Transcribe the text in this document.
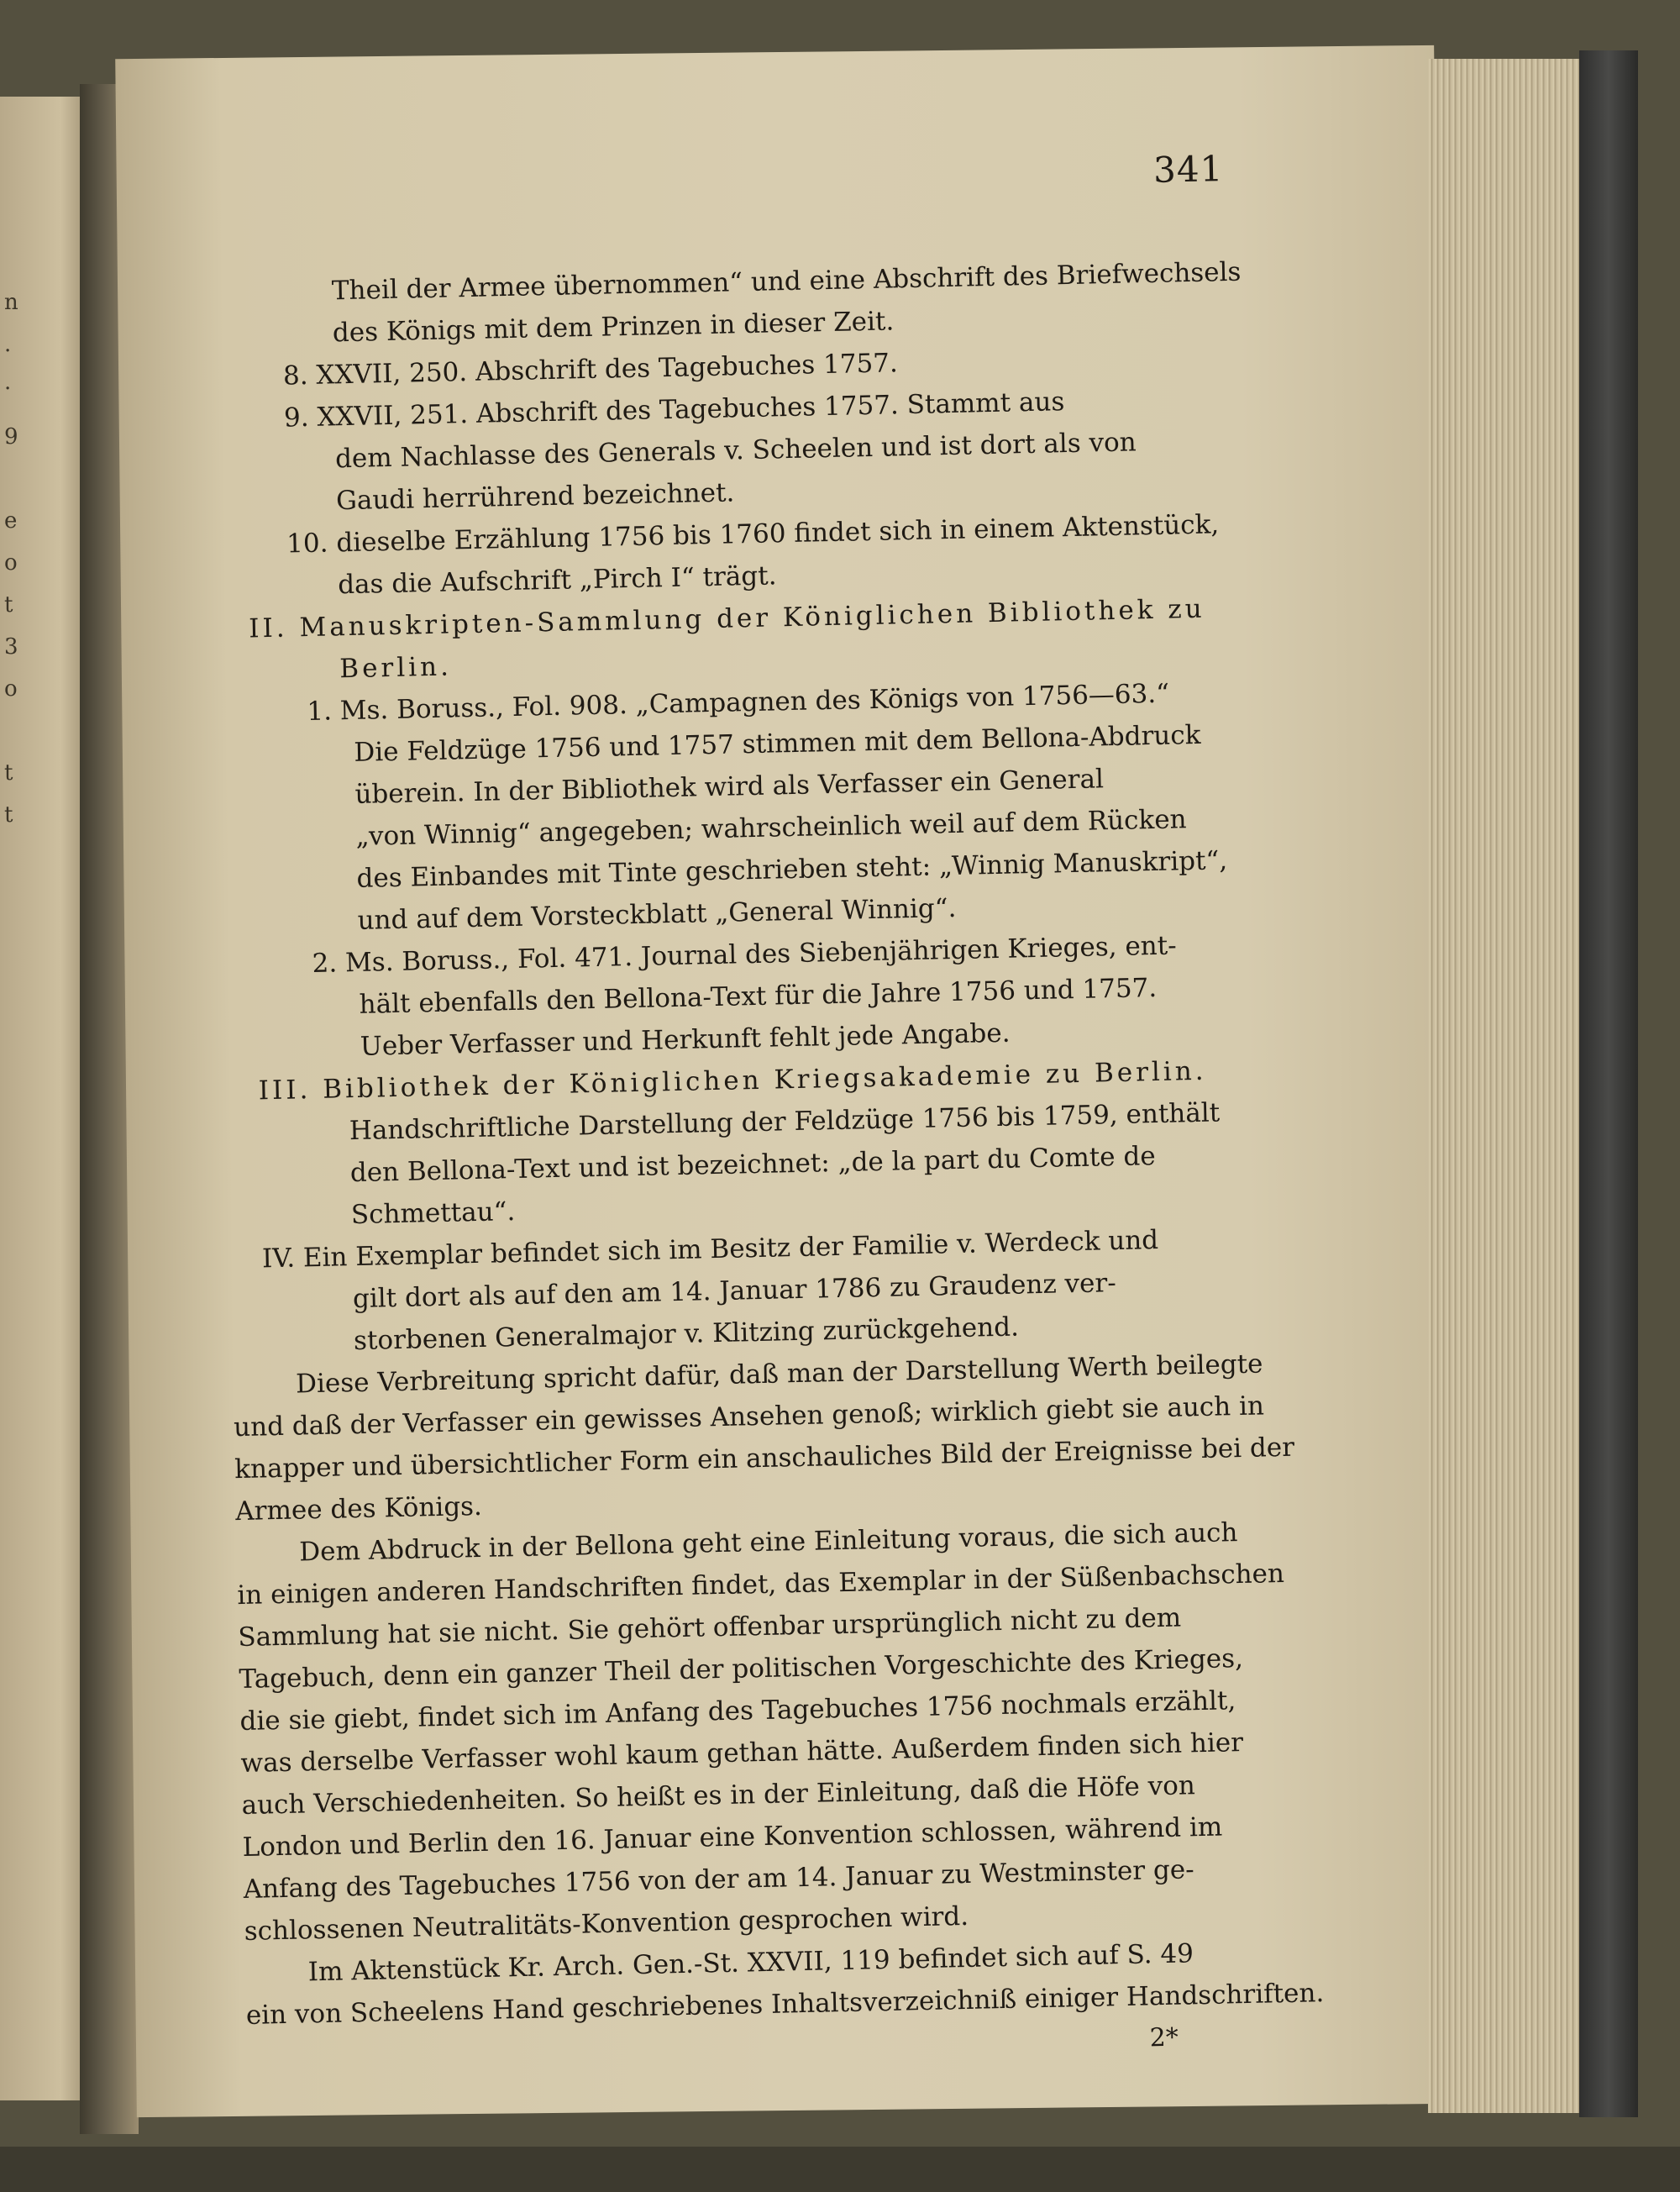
n
.
.
9
e
o
t
3
o
t
t
341
Theil der Armee übernommen“ und eine Abschrift des Briefwechsels
des Königs mit dem Prinzen in dieser Zeit.
8. XXVII, 250. Abschrift des Tagebuches 1757.
9. XXVII, 251. Abschrift des Tagebuches 1757. Stammt aus
dem Nachlasse des Generals v. Scheelen und ist dort als von
Gaudi herrührend bezeichnet.
10. dieselbe Erzählung 1756 bis 1760 findet sich in einem Aktenstück,
das die Aufschrift „Pirch I“ trägt.
II. Manuskripten-Sammlung der Königlichen Bibliothek zu
Berlin.
1. Ms. Boruss., Fol. 908. „Campagnen des Königs von 1756—63.“
Die Feldzüge 1756 und 1757 stimmen mit dem Bellona-Abdruck
überein. In der Bibliothek wird als Verfasser ein General
„von Winnig“ angegeben; wahrscheinlich weil auf dem Rücken
des Einbandes mit Tinte geschrieben steht: „Winnig Manuskript“,
und auf dem Vorsteckblatt „General Winnig“.
2. Ms. Boruss., Fol. 471. Journal des Siebenjährigen Krieges, ent-
hält ebenfalls den Bellona-Text für die Jahre 1756 und 1757.
Ueber Verfasser und Herkunft fehlt jede Angabe.
III. Bibliothek der Königlichen Kriegsakademie zu Berlin.
Handschriftliche Darstellung der Feldzüge 1756 bis 1759, enthält
den Bellona-Text und ist bezeichnet: „de la part du Comte de
Schmettau“.
IV. Ein Exemplar befindet sich im Besitz der Familie v. Werdeck und
gilt dort als auf den am 14. Januar 1786 zu Graudenz ver-
storbenen Generalmajor v. Klitzing zurückgehend.
Diese Verbreitung spricht dafür, daß man der Darstellung Werth beilegte
und daß der Verfasser ein gewisses Ansehen genoß; wirklich giebt sie auch in
knapper und übersichtlicher Form ein anschauliches Bild der Ereignisse bei der
Armee des Königs.
Dem Abdruck in der Bellona geht eine Einleitung voraus, die sich auch
in einigen anderen Handschriften findet, das Exemplar in der Süßenbachschen
Sammlung hat sie nicht. Sie gehört offenbar ursprünglich nicht zu dem
Tagebuch, denn ein ganzer Theil der politischen Vorgeschichte des Krieges,
die sie giebt, findet sich im Anfang des Tagebuches 1756 nochmals erzählt,
was derselbe Verfasser wohl kaum gethan hätte. Außerdem finden sich hier
auch Verschiedenheiten. So heißt es in der Einleitung, daß die Höfe von
London und Berlin den 16. Januar eine Konvention schlossen, während im
Anfang des Tagebuches 1756 von der am 14. Januar zu Westminster ge-
schlossenen Neutralitäts-Konvention gesprochen wird.
Im Aktenstück Kr. Arch. Gen.-St. XXVII, 119 befindet sich auf S. 49
ein von Scheelens Hand geschriebenes Inhaltsverzeichniß einiger Handschriften.
2*
